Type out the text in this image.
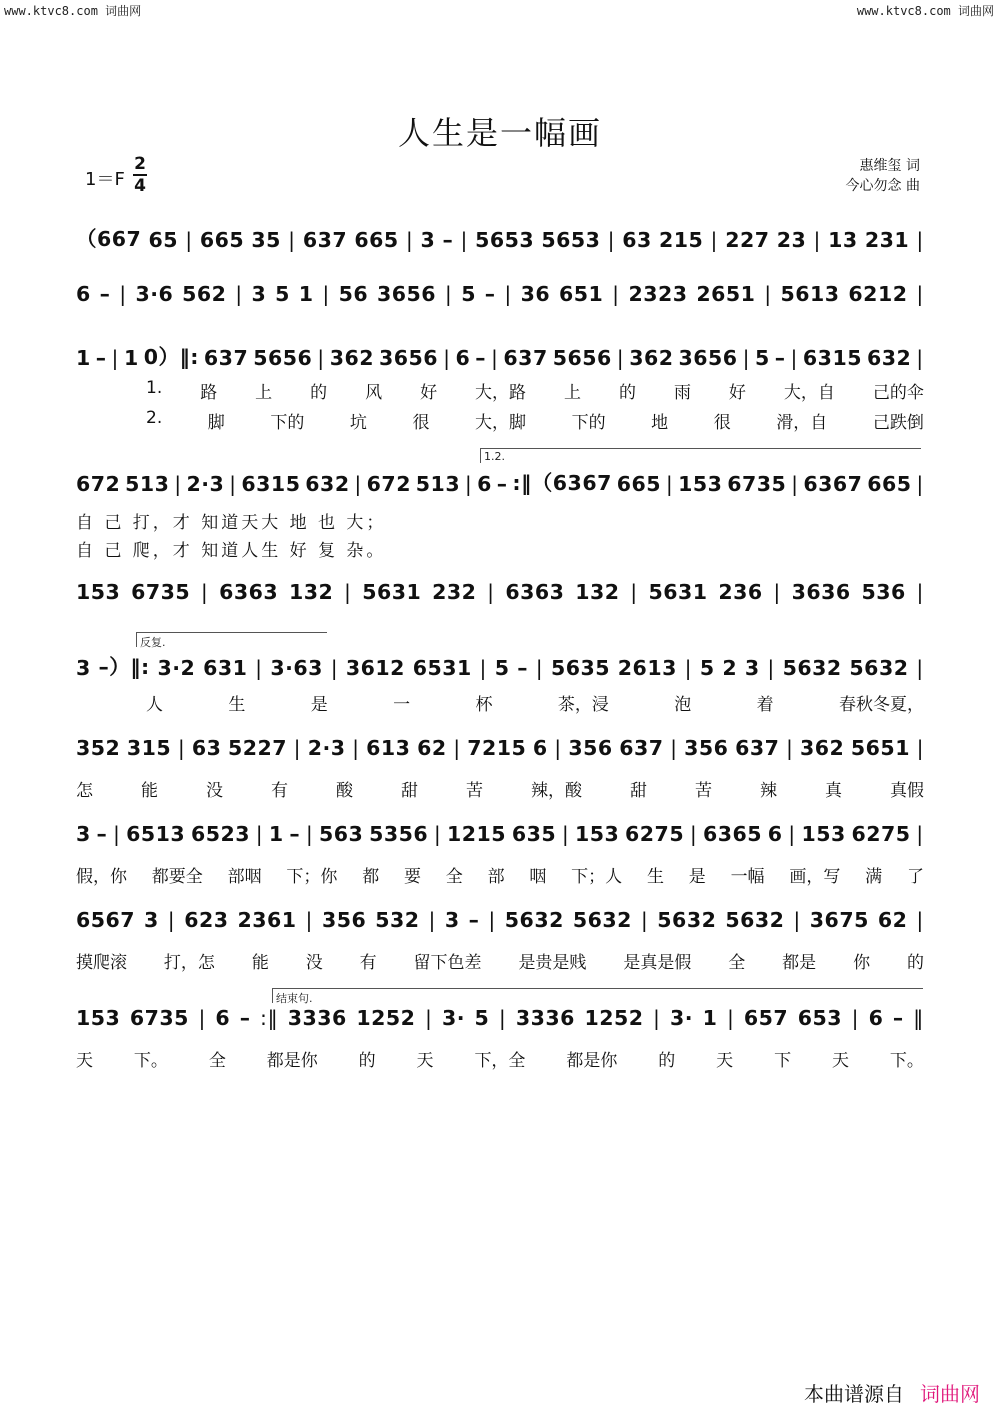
www.ktvc8.com 词曲网	www.ktvc8.com 词曲网
人生是一幅画
1＝F
2
4
惠维玺 词
今心勿念 曲
（667 65 | 665 35 | 637 665 | 3 – | 5653 5653 | 63 215 | 227 23 | 13 231 |
6 – | 3·6 562 | 3 5 1 | 56 3656 | 5 – | 36 651 | 2323 2651 | 5613 6212 |
1 – | 1 0）‖: 637 5656 | 362 3656 | 6 – | 637 5656 | 362 3656 | 5 – | 6315 632 |
1. 路 上 的 风 好 大，路 上 的 雨 好 大，自 己的伞
2.	脚	下的	坑	很	大，脚	下的	地	很	滑，自	己跌倒
1.2.
672 513 | 2·3 | 6315 632 | 672 513 | 6 – :‖（6367 665 | 153 6735 | 6367 665 |
自 己 打，才 知道天大 地 也 大；
自 己 爬，才 知道人生 好 复 杂。
153 6735 | 6363 132 | 5631 232 | 6363 132 | 5631 236 | 3636 536 |
反复.
3 –）‖: 3·2 631 | 3·63 | 3612 6531 | 5 – | 5635 2613 | 5 2 3 | 5632 5632 |
人	生	是	一	杯	茶，浸	泡	着	春秋冬夏，
352 315 | 63 5227 | 2·3 | 613 62 | 7215 6 | 356 637 | 356 637 | 362 5651 |
怎	能	没	有	酸	甜	苦	辣，酸	甜	苦	辣	真	真假
3 – | 6513 6523 | 1 – | 563 5356 | 1215 635 | 153 6275 | 6365 6 | 153 6275 |
假，你 都要全 部咽 下；你 都 要 全 部 咽 下；人 生 是 一幅 画，写 满 了
6567 3 | 623 2361 | 356 532 | 3 – | 5632 5632 | 5632 5632 | 3675 62 |
摸爬滚 打，怎 能 没 有 留下色差 是贵是贱 是真是假 全 都是 你 的
结束句.
153 6735 | 6 – :‖ 3336 1252 | 3· 5 | 3336 1252 | 3· 1 | 657 653 | 6 – ‖
天 下。 全 都是你 的 天 下，全 都是你 的 天 下 天 下。
本曲谱源自 词曲网
